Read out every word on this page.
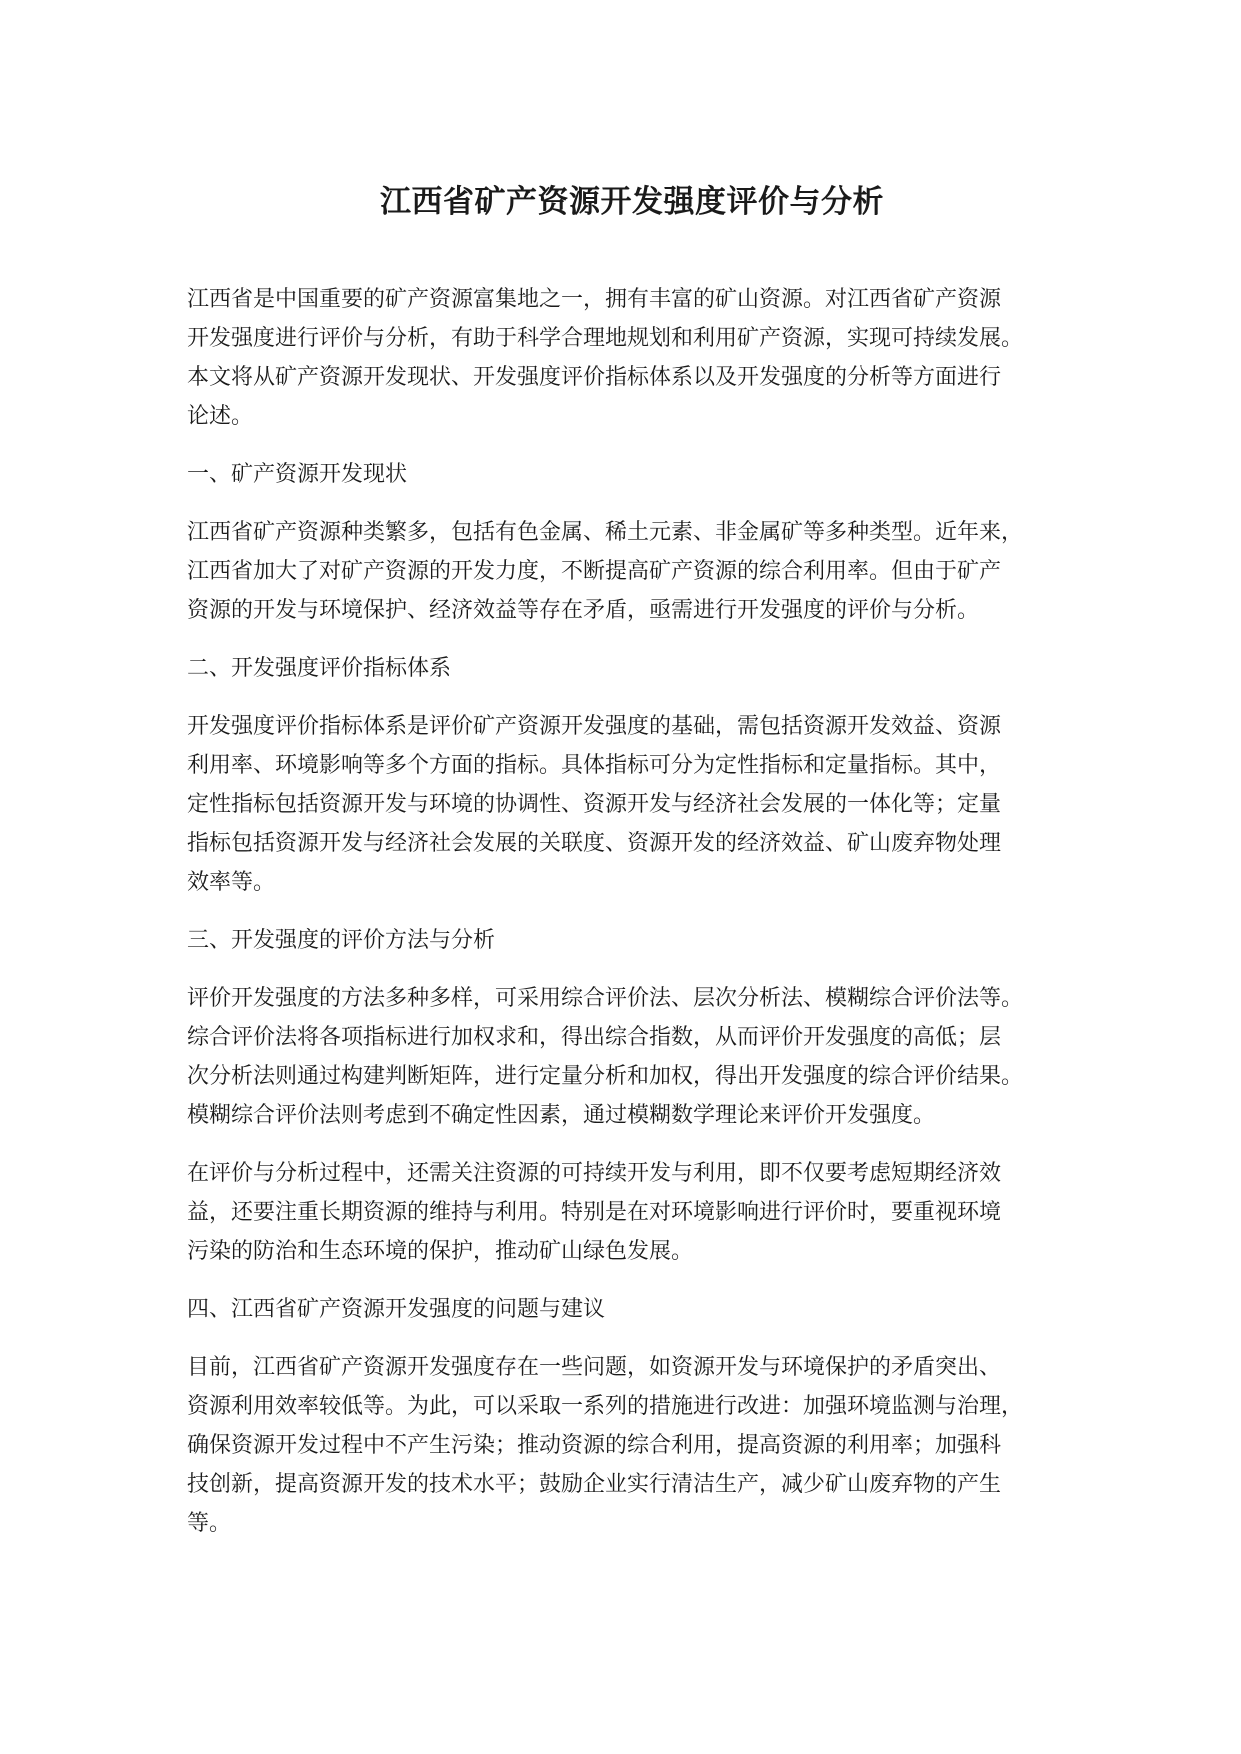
江西省矿产资源开发强度评价与分析
江西省是中国重要的矿产资源富集地之一，拥有丰富的矿山资源。对江西省矿产资源
开发强度进行评价与分析，有助于科学合理地规划和利用矿产资源，实现可持续发展。
本文将从矿产资源开发现状、开发强度评价指标体系以及开发强度的分析等方面进行
论述。
一、矿产资源开发现状
江西省矿产资源种类繁多，包括有色金属、稀土元素、非金属矿等多种类型。近年来，
江西省加大了对矿产资源的开发力度，不断提高矿产资源的综合利用率。但由于矿产
资源的开发与环境保护、经济效益等存在矛盾，亟需进行开发强度的评价与分析。
二、开发强度评价指标体系
开发强度评价指标体系是评价矿产资源开发强度的基础，需包括资源开发效益、资源
利用率、环境影响等多个方面的指标。具体指标可分为定性指标和定量指标。其中，
定性指标包括资源开发与环境的协调性、资源开发与经济社会发展的一体化等；定量
指标包括资源开发与经济社会发展的关联度、资源开发的经济效益、矿山废弃物处理
效率等。
三、开发强度的评价方法与分析
评价开发强度的方法多种多样，可采用综合评价法、层次分析法、模糊综合评价法等。
综合评价法将各项指标进行加权求和，得出综合指数，从而评价开发强度的高低；层
次分析法则通过构建判断矩阵，进行定量分析和加权，得出开发强度的综合评价结果。
模糊综合评价法则考虑到不确定性因素，通过模糊数学理论来评价开发强度。
在评价与分析过程中，还需关注资源的可持续开发与利用，即不仅要考虑短期经济效
益，还要注重长期资源的维持与利用。特别是在对环境影响进行评价时，要重视环境
污染的防治和生态环境的保护，推动矿山绿色发展。
四、江西省矿产资源开发强度的问题与建议
目前，江西省矿产资源开发强度存在一些问题，如资源开发与环境保护的矛盾突出、
资源利用效率较低等。为此，可以采取一系列的措施进行改进：加强环境监测与治理，
确保资源开发过程中不产生污染；推动资源的综合利用，提高资源的利用率；加强科
技创新，提高资源开发的技术水平；鼓励企业实行清洁生产，减少矿山废弃物的产生
等。
